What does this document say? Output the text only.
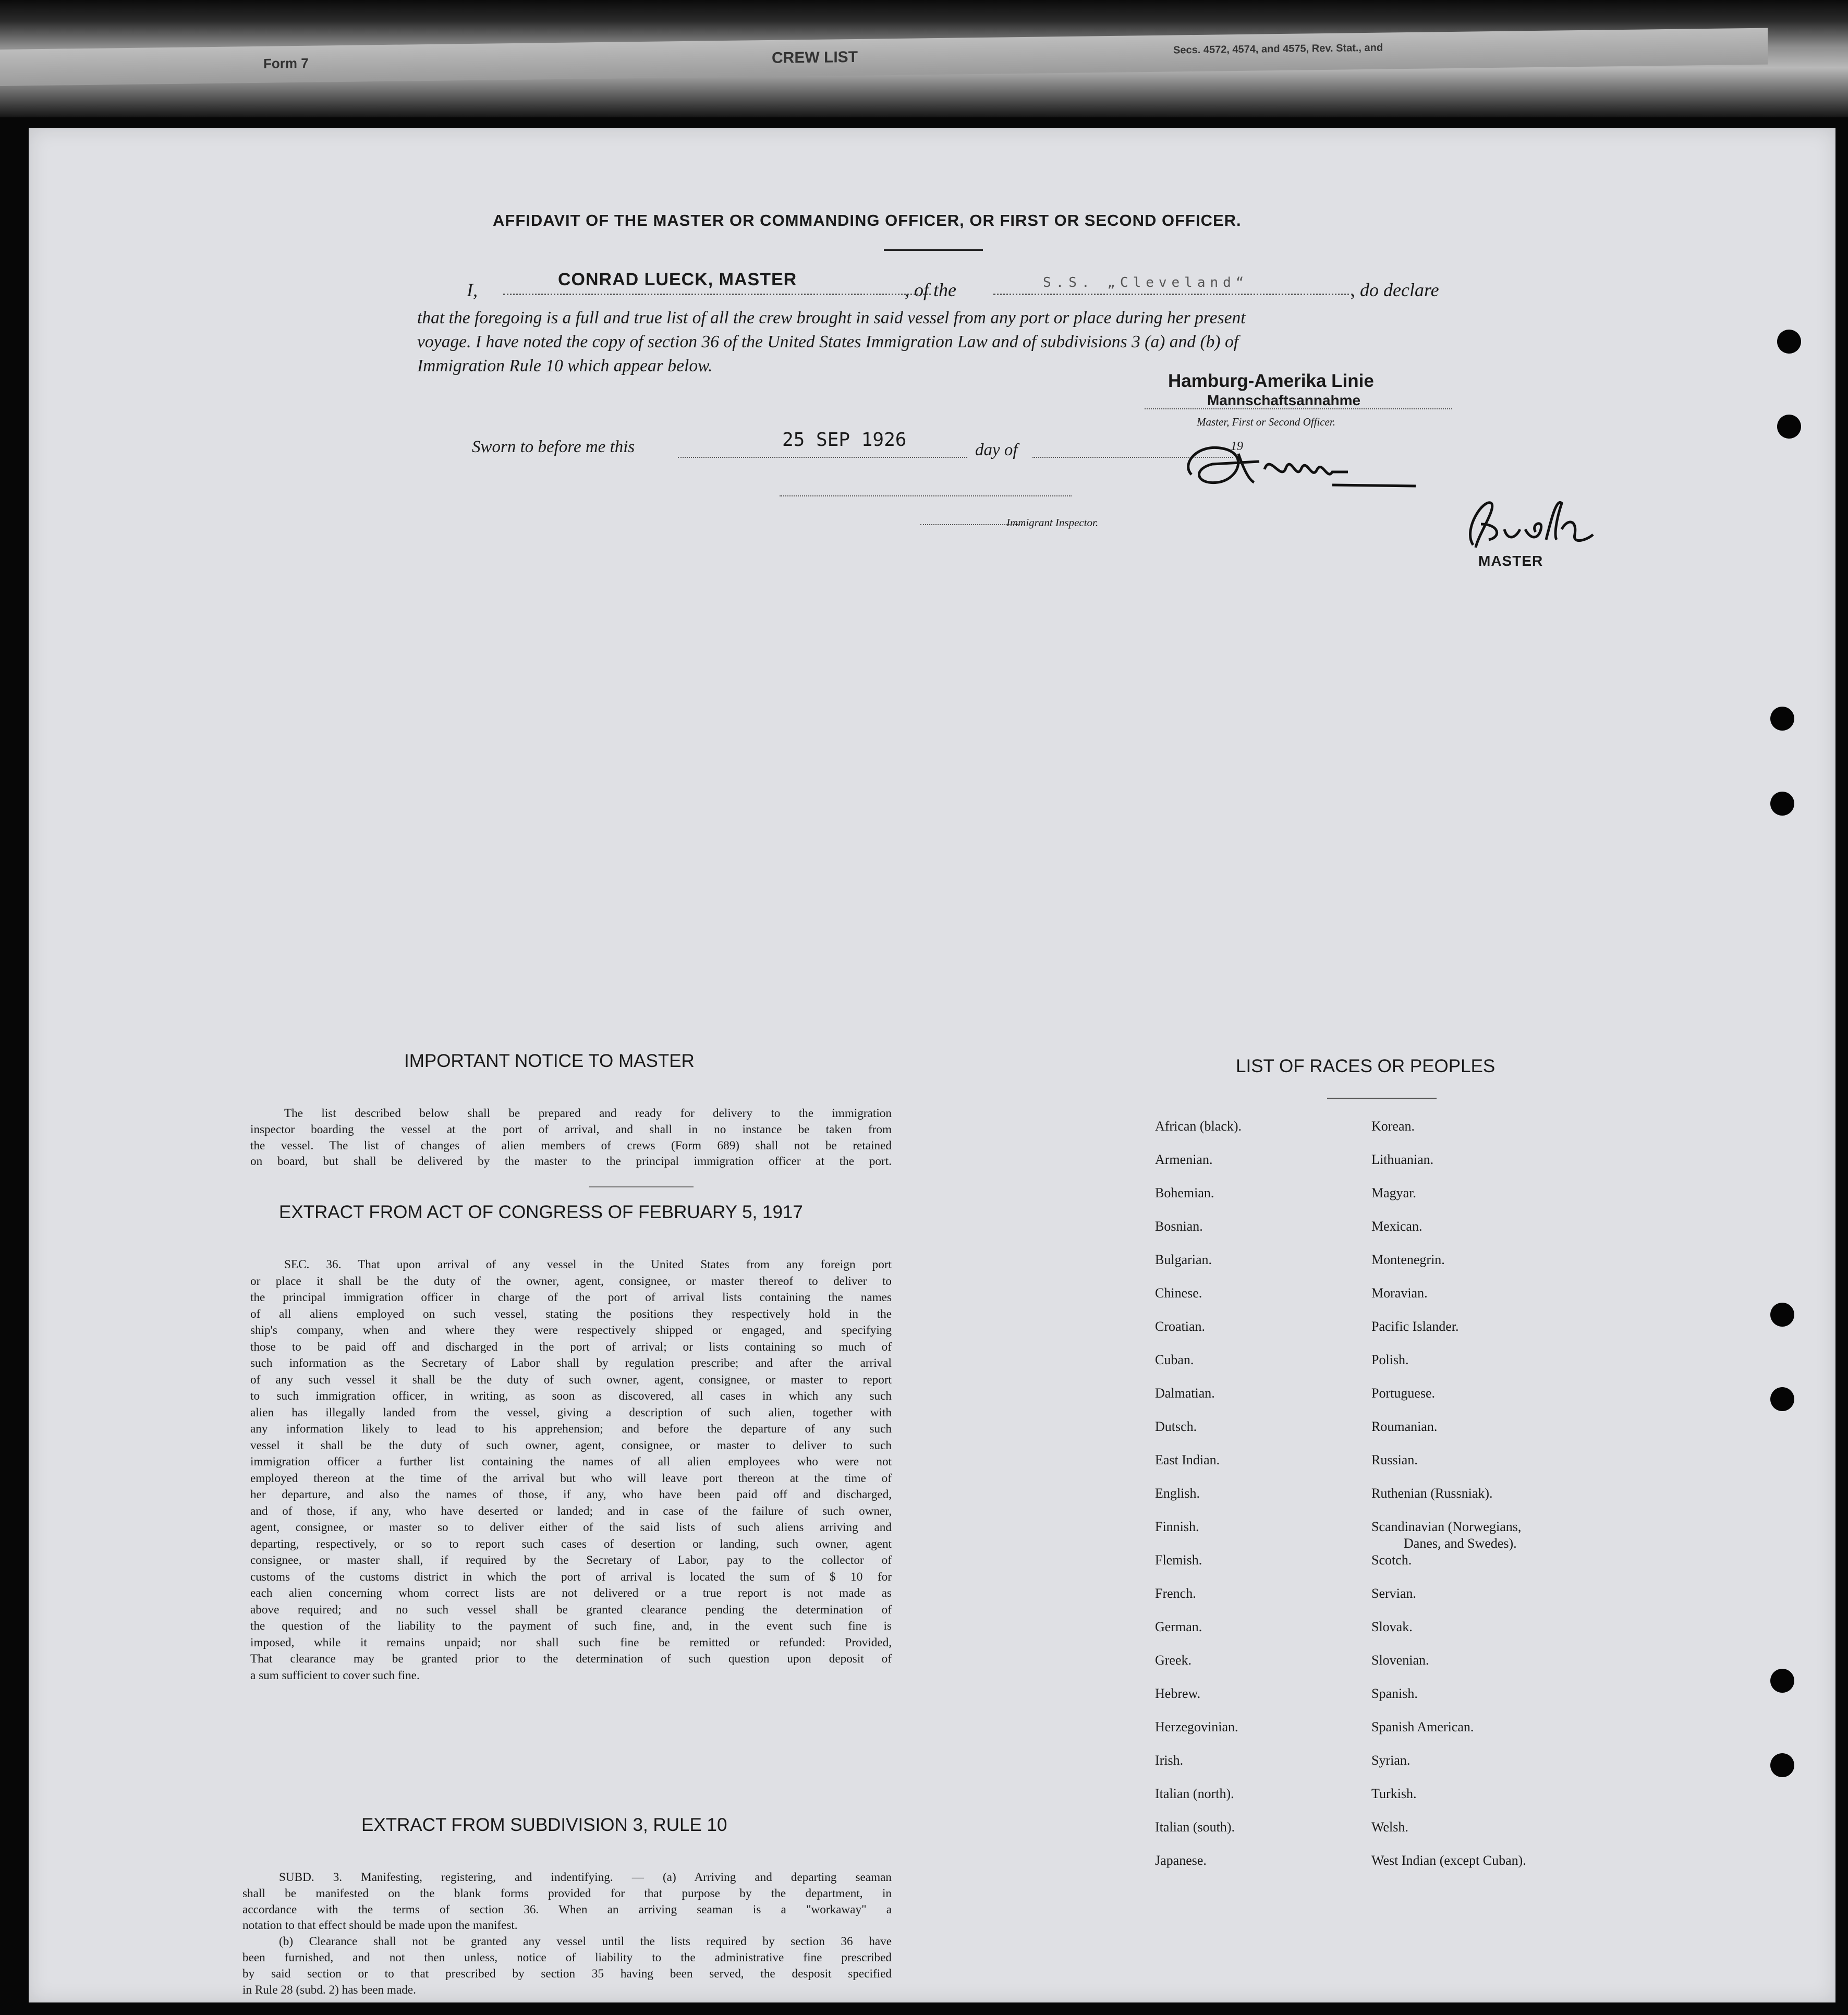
Form 7	CREW LIST	Secs. 4572, 4574, and 4575, Rev. Stat., and
AFFIDAVIT OF THE MASTER OR COMMANDING OFFICER, OR FIRST OR SECOND OFFICER.
I,	CONRAD LUECK, MASTER	, of the	S.S. „Cleveland“	, do declare
that the foregoing is a full and true list of all the crew brought in said vessel from any port or place during her present
voyage. I have noted the copy of section 36 of the United States Immigration Law and of subdivisions 3 (a) and (b) of
Immigration Rule 10 which appear below.
Hamburg-Amerika Linie
Mannschaftsannahme
Master, First or Second Officer.
Sworn to before me this	25 SEP 1926	day of	19
Immigrant Inspector.
MASTER
IMPORTANT NOTICE TO MASTER
The list described below shall be prepared and ready for delivery to the immigration
inspector boarding the vessel at the port of arrival, and shall in no instance be taken from
the vessel. The list of changes of alien members of crews (Form 689) shall not be retained
on board, but shall be delivered by the master to the principal immigration officer at the port.
EXTRACT FROM ACT OF CONGRESS OF FEBRUARY 5, 1917
SEC. 36. That upon arrival of any vessel in the United States from any foreign port
or place it shall be the duty of the owner, agent, consignee, or master thereof to deliver to
the principal immigration officer in charge of the port of arrival lists containing the names
of all aliens employed on such vessel, stating the positions they respectively hold in the
ship's company, when and where they were respectively shipped or engaged, and specifying
those to be paid off and discharged in the port of arrival; or lists containing so much of
such information as the Secretary of Labor shall by regulation prescribe; and after the arrival
of any such vessel it shall be the duty of such owner, agent, consignee, or master to report
to such immigration officer, in writing, as soon as discovered, all cases in which any such
alien has illegally landed from the vessel, giving a description of such alien, together with
any information likely to lead to his apprehension; and before the departure of any such
vessel it shall be the duty of such owner, agent, consignee, or master to deliver to such
immigration officer a further list containing the names of all alien employees who were not
employed thereon at the time of the arrival but who will leave port thereon at the time of
her departure, and also the names of those, if any, who have been paid off and discharged,
and of those, if any, who have deserted or landed; and in case of the failure of such owner,
agent, consignee, or master so to deliver either of the said lists of such aliens arriving and
departing, respectively, or so to report such cases of desertion or landing, such owner, agent
consignee, or master shall, if required by the Secretary of Labor, pay to the collector of
customs of the customs district in which the port of arrival is located the sum of $ 10 for
each alien concerning whom correct lists are not delivered or a true report is not made as
above required; and no such vessel shall be granted clearance pending the determination of
the question of the liability to the payment of such fine, and, in the event such fine is
imposed, while it remains unpaid; nor shall such fine be remitted or refunded: Provided,
That clearance may be granted prior to the determination of such question upon deposit of
a sum sufficient to cover such fine.
EXTRACT FROM SUBDIVISION 3, RULE 10
SUBD. 3. Manifesting, registering, and indentifying. — (a) Arriving and departing seaman
shall be manifested on the blank forms provided for that purpose by the department, in
accordance with the terms of section 36. When an arriving seaman is a "workaway" a
notation to that effect should be made upon the manifest.
(b) Clearance shall not be granted any vessel until the lists required by section 36 have
been furnished, and not then unless, notice of liability to the administrative fine prescribed
by said section or to that prescribed by section 35 having been served, the desposit specified
in Rule 28 (subd. 2) has been made.
LIST OF RACES OR PEOPLES
African (black).
Armenian.
Bohemian.
Bosnian.
Bulgarian.
Chinese.
Croatian.
Cuban.
Dalmatian.
Dutsch.
East Indian.
English.
Finnish.
Flemish.
French.
German.
Greek.
Hebrew.
Herzegovinian.
Irish.
Italian (north).
Italian (south).
Japanese.
Korean.
Lithuanian.
Magyar.
Mexican.
Montenegrin.
Moravian.
Pacific Islander.
Polish.
Portuguese.
Roumanian.
Russian.
Ruthenian (Russniak).
Scandinavian (Norwegians,
Danes, and Swedes).
Scotch.
Servian.
Slovak.
Slovenian.
Spanish.
Spanish American.
Syrian.
Turkish.
Welsh.
West Indian (except Cuban).
